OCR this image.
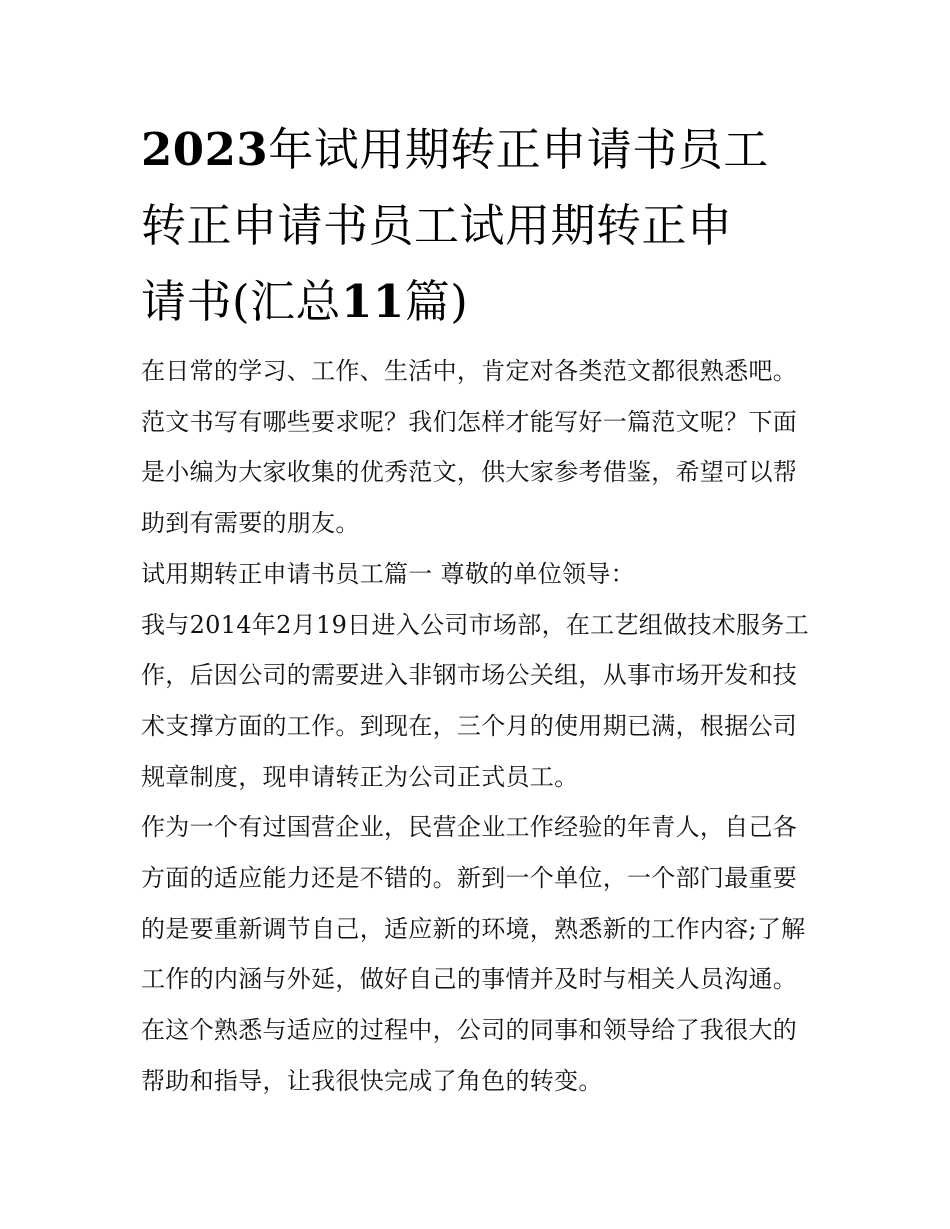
2023年试用期转正申请书员工
转正申请书员工试用期转正申
请书(汇总11篇)

在日常的学习、工作、生活中，肯定对各类范文都很熟悉吧。范文书写有哪些要求呢？我们怎样才能写好一篇范文呢？下面是小编为大家收集的优秀范文，供大家参考借鉴，希望可以帮助到有需要的朋友。

试用期转正申请书员工篇一 尊敬的单位领导：

我与2014年2月19日进入公司市场部，在工艺组做技术服务工作，后因公司的需要进入非钢市场公关组，从事市场开发和技术支撑方面的工作。到现在，三个月的使用期已满，根据公司规章制度，现申请转正为公司正式员工。

作为一个有过国营企业，民营企业工作经验的年青人，自己各方面的适应能力还是不错的。新到一个单位，一个部门最重要的是要重新调节自己，适应新的环境，熟悉新的工作内容;了解工作的内涵与外延，做好自己的事情并及时与相关人员沟通。在这个熟悉与适应的过程中，公司的同事和领导给了我很大的帮助和指导，让我很快完成了角色的转变。
